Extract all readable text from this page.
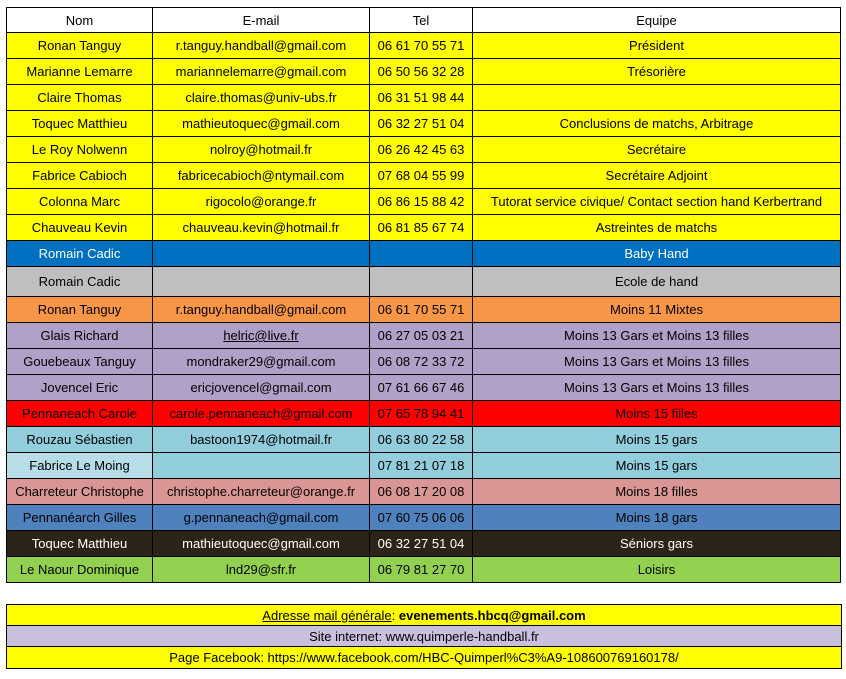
Nom	E-mail	Tel	Equipe
Ronan Tanguy	r.tanguy.handball@gmail.com	06 61 70 55 71	Président
Marianne Lemarre	mariannelemarre@gmail.com	06 50 56 32 28	Trésorière
Claire Thomas	claire.thomas@univ-ubs.fr	06 31 51 98 44	
Toquec Matthieu	mathieutoquec@gmail.com	06 32 27 51 04	Conclusions de matchs, Arbitrage
Le Roy Nolwenn	nolroy@hotmail.fr	06 26 42 45 63	Secrétaire
Fabrice Cabioch	fabricecabioch@ntymail.com	07 68 04 55 99	Secrétaire Adjoint
Colonna Marc	rigocolo@orange.fr	06 86 15 88 42	Tutorat service civique/ Contact section hand Kerbertrand
Chauveau Kevin	chauveau.kevin@hotmail.fr	06 81 85 67 74	Astreintes de matchs
Romain Cadic			Baby Hand
Romain Cadic			Ecole de hand
Ronan Tanguy	r.tanguy.handball@gmail.com	06 61 70 55 71	Moins 11 Mixtes
Glais Richard	helric@live.fr	06 27 05 03 21	Moins 13 Gars et Moins 13 filles
Gouebeaux Tanguy	mondraker29@gmail.com	06 08 72 33 72	Moins 13 Gars et Moins 13 filles
Jovencel Eric	ericjovencel@gmail.com	07 61 66 67 46	Moins 13 Gars et Moins 13 filles
Pennaneach Carole	carole.pennaneach@gmail.com	07 65 78 94 41	Moins 15 filles
Rouzau Sébastien	bastoon1974@hotmail.fr	06 63 80 22 58	Moins 15 gars
Fabrice Le Moing		07 81 21 07 18	Moins 15 gars
Charreteur Christophe	christophe.charreteur@orange.fr	06 08 17 20 08	Moins 18 filles
Pennanéarch Gilles	g.pennaneach@gmail.com	07 60 75 06 06	Moins 18 gars
Toquec Matthieu	mathieutoquec@gmail.com	06 32 27 51 04	Séniors gars
Le Naour Dominique	lnd29@sfr.fr	06 79 81 27 70	Loisirs
Adresse mail générale: evenements.hbcq@gmail.com
Site internet: www.quimperle-handball.fr
Page Facebook: https://www.facebook.com/HBC-Quimperl%C3%A9-108600769160178/
